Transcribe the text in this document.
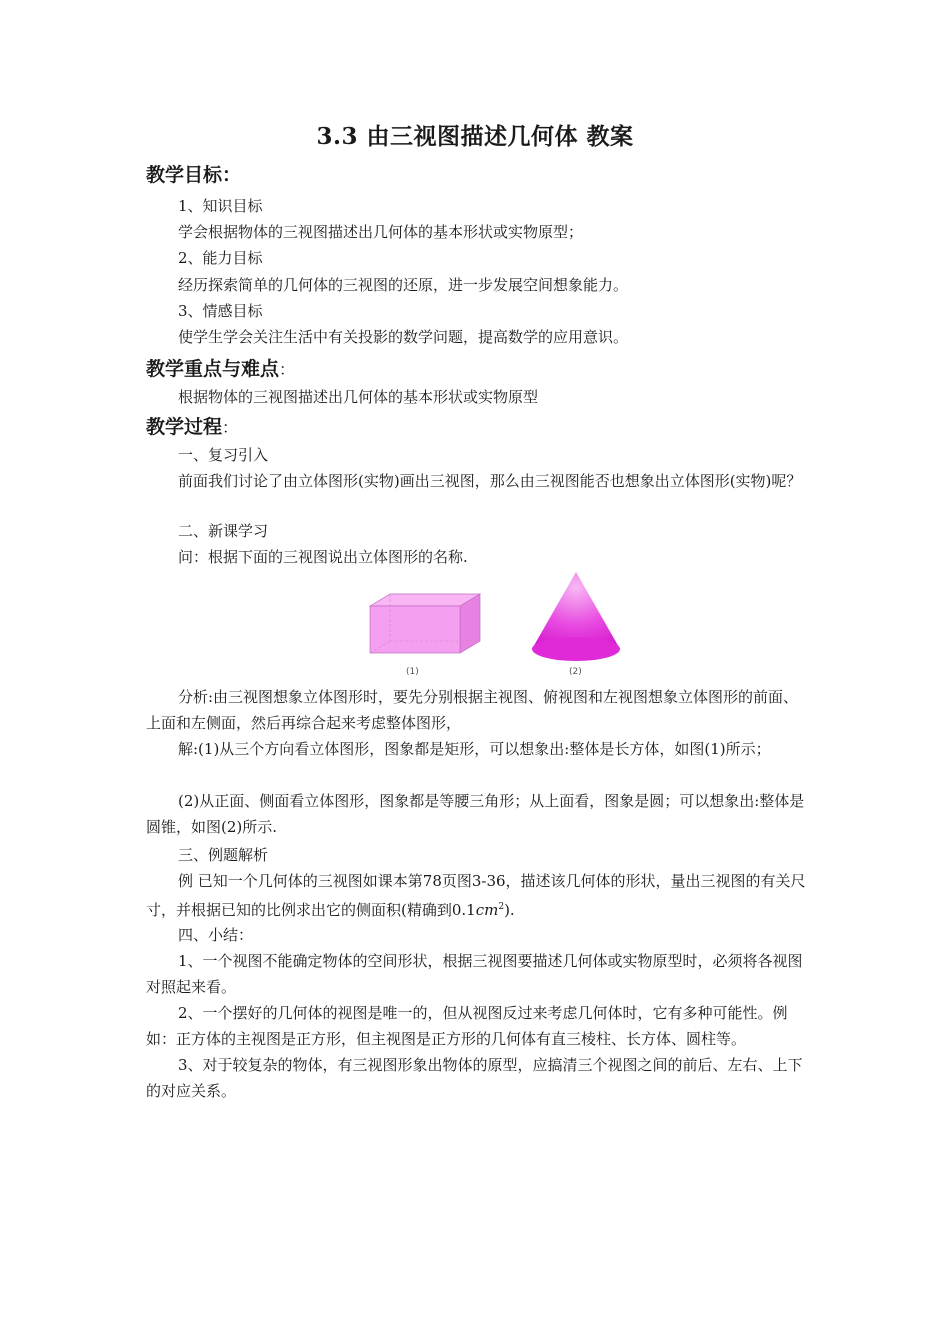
3.3 由三视图描述几何体 教案
教学目标：
1、知识目标
学会根据物体的三视图描述出几何体的基本形状或实物原型；
2、能力目标
经历探索简单的几何体的三视图的还原，进一步发展空间想象能力。
3、情感目标
使学生学会关注生活中有关投影的数学问题，提高数学的应用意识。
教学重点与难点：
根据物体的三视图描述出几何体的基本形状或实物原型
教学过程：
一、复习引入
前面我们讨论了由立体图形(实物)画出三视图，那么由三视图能否也想象出立体图形(实物)呢？
二、新课学习
问：根据下面的三视图说出立体图形的名称.
(1)	(2)
分析:由三视图想象立体图形时，要先分别根据主视图、俯视图和左视图想象立体图形的前面、上面和左侧面，然后再综合起来考虑整体图形，
解:(1)从三个方向看立体图形，图象都是矩形，可以想象出:整体是长方体，如图(1)所示；
(2)从正面、侧面看立体图形，图象都是等腰三角形；从上面看，图象是圆；可以想象出:整体是圆锥，如图(2)所示.
三、例题解析
例 已知一个几何体的三视图如课本第78页图3-36，描述该几何体的形状，量出三视图的有关尺寸，并根据已知的比例求出它的侧面积(精确到$0.1cm^2$).
四、小结：
1、一个视图不能确定物体的空间形状，根据三视图要描述几何体或实物原型时，必须将各视图对照起来看。
2、一个摆好的几何体的视图是唯一的，但从视图反过来考虑几何体时，它有多种可能性。例如：正方体的主视图是正方形，但主视图是正方形的几何体有直三棱柱、长方体、圆柱等。
3、对于较复杂的物体，有三视图形象出物体的原型，应搞清三个视图之间的前后、左右、上下的对应关系。
